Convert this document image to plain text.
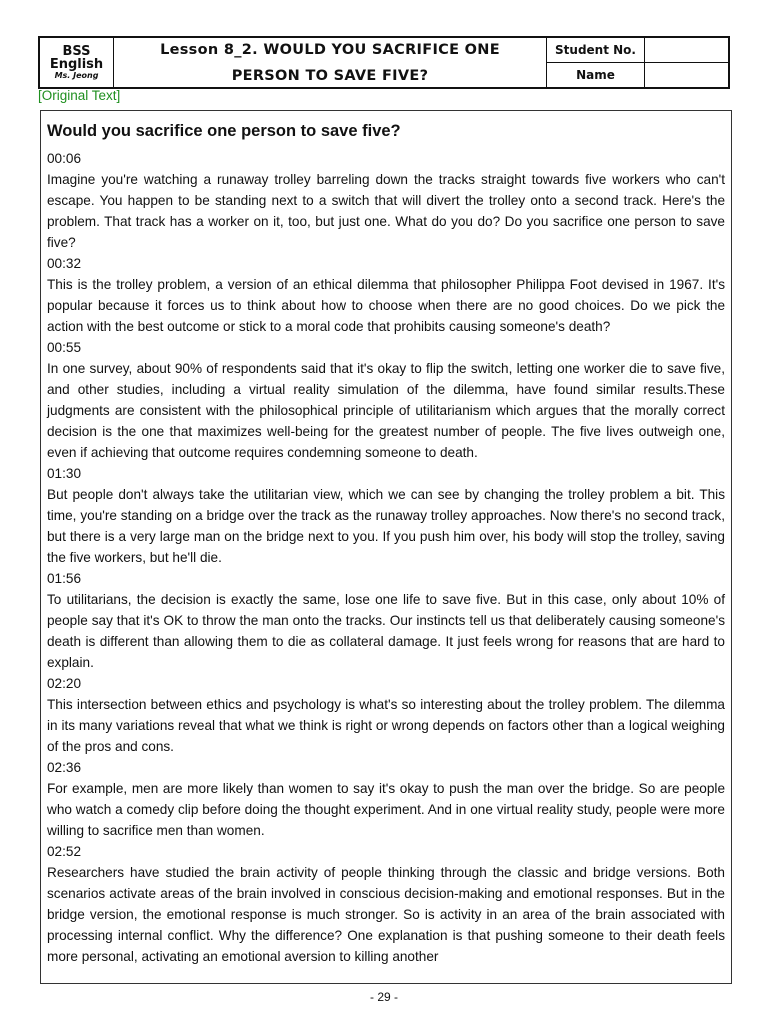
BSS
English
Ms. Jeong
Lesson 8_2. WOULD YOU SACRIFICE ONE
PERSON TO SAVE FIVE?
Student No.
Name
[Original Text]
Would you sacrifice one person to save five?
00:06
Imagine you're watching a runaway trolley barreling down the tracks straight towards five workers who can't escape. You happen to be standing next to a switch that will divert the trolley onto a second track. Here's the problem. That track has a worker on it, too, but just one. What do you do? Do you sacrifice one person to save five?
00:32
This is the trolley problem, a version of an ethical dilemma that philosopher Philippa Foot devised in 1967. It's popular because it forces us to think about how to choose when there are no good choices. Do we pick the action with the best outcome or stick to a moral code that prohibits causing someone's death?
00:55
In one survey, about 90% of respondents said that it's okay to flip the switch, letting one worker die to save five, and other studies, including a virtual reality simulation of the dilemma, have found similar results.These judgments are consistent with the philosophical principle of utilitarianism which argues that the morally correct decision is the one that maximizes well-being for the greatest number of people. The five lives outweigh one, even if achieving that outcome requires condemning someone to death.
01:30
But people don't always take the utilitarian view, which we can see by changing the trolley problem a bit. This time, you're standing on a bridge over the track as the runaway trolley approaches. Now there's no second track, but there is a very large man on the bridge next to you. If you push him over, his body will stop the trolley, saving the five workers, but he'll die.
01:56
To utilitarians, the decision is exactly the same, lose one life to save five. But in this case, only about 10% of people say that it's OK to throw the man onto the tracks. Our instincts tell us that deliberately causing someone's death is different than allowing them to die as collateral damage. It just feels wrong for reasons that are hard to explain.
02:20
This intersection between ethics and psychology is what's so interesting about the trolley problem. The dilemma in its many variations reveal that what we think is right or wrong depends on factors other than a logical weighing of the pros and cons.
02:36
For example, men are more likely than women to say it's okay to push the man over the bridge. So are people who watch a comedy clip before doing the thought experiment. And in one virtual reality study, people were more willing to sacrifice men than women.
02:52
Researchers have studied the brain activity of people thinking through the classic and bridge versions. Both scenarios activate areas of the brain involved in conscious decision-making and emotional responses. But in the bridge version, the emotional response is much stronger. So is activity in an area of the brain associated with processing internal conflict. Why the difference? One explanation is that pushing someone to their death feels more personal, activating an emotional aversion to killing another
- 29 -
